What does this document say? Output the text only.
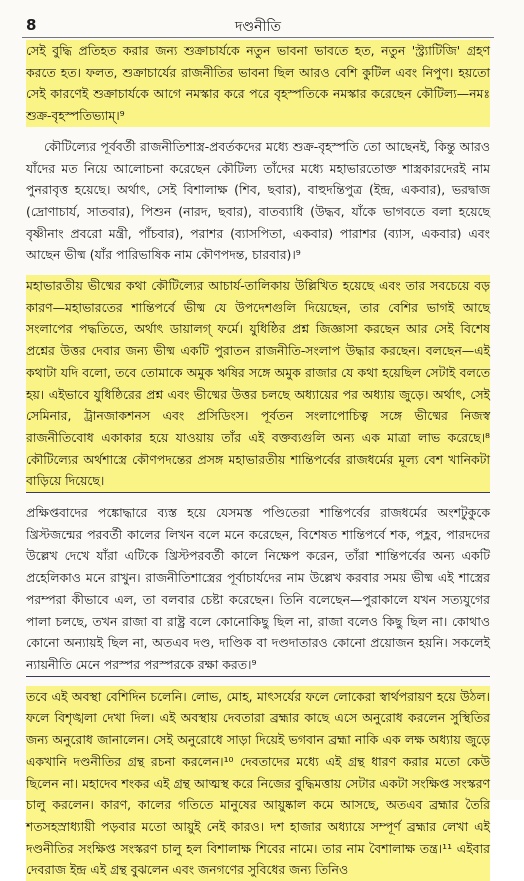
8	দণ্ডনীতি

সেই বুদ্ধি প্রতিহত করার জন্য শুক্রাচার্যকে নতুন ভাবনা ভাবতে হত, নতুন 'স্ট্র্যাটিজি' গ্রহণ করতে হত। ফলত, শুক্রাচার্যের রাজনীতির ভাবনা ছিল আরও বেশি কুটিল এবং নিপুণ। হয়তো সেই কারণেই শুক্রাচার্যকে আগে নমস্কার করে পরে বৃহস্পতিকে নমস্কার করেছেন কৌটিল্য—নমঃ শুক্র-বৃহস্পতিভ্যাম্।⁹

কৌটিল্যের পূর্ববর্তী রাজনীতিশাস্ত্র-প্রবর্তকদের মধ্যে শুক্র-বৃহস্পতি তো আছেনই, কিন্তু আরও যাঁদের মত নিয়ে আলোচনা করেছেন কৌটিল্য তাঁদের মধ্যে মহাভারতোক্ত শাস্ত্রকারদেরই নাম পুনরাবৃত্ত হয়েছে। অর্থাৎ, সেই বিশালাক্ষ (শিব, ছবার), বাহুদন্তিপুত্র (ইন্দ্র, একবার), ভরদ্বাজ (দ্রোণাচার্য, সাতবার), পিশুন (নারদ, ছবার), বাতব্যাধি (উদ্ধব, যাঁকে ভাগবতে বলা হয়েছে বৃষ্ণীনাং প্রবরো মন্ত্রী, পাঁচবার), পরাশর (ব্যাসপিতা, একবার) পারাশর (ব্যাস, একবার) এবং আছেন ভীষ্ম (যাঁর পারিভাষিক নাম কৌণপদন্ত, চারবার)।⁹

মহাভারতীয় ভীষ্মের কথা কৌটিল্যের আচার্য-তালিকায় উল্লিখিত হয়েছে এবং তার সবচেয়ে বড় কারণ—মহাভারতের শান্তিপর্বে ভীষ্ম যে উপদেশগুলি দিয়েছেন, তার বেশির ভাগই আছে সংলাপের পদ্ধতিতে, অর্থাৎ ডায়ালগ্ ফর্মে। যুধিষ্ঠির প্রশ্ন জিজ্ঞাসা করছেন আর সেই বিশেষ প্রশ্নের উত্তর দেবার জন্য ভীষ্ম একটি পুরাতন রাজনীতি-সংলাপ উদ্ধার করছেন। বলছেন—এই কথাটা যদি বলো, তবে তোমাকে অমুক ঋষির সঙ্গে অমুক রাজার যে কথা হয়েছিল সেটাই বলতে হয়। এইভাবে যুধিষ্ঠিরের প্রশ্ন এবং ভীষ্মের উত্তর চলছে অধ্যায়ের পর অধ্যায় জুড়ে। অর্থাৎ, সেই সেমিনার, ট্রানজাকশনস এবং প্রসিডিংস। পূর্বতন সংলাপোচিত্ব সঙ্গে ভীষ্মের নিজস্ব রাজনীতিবোধ একাকার হয়ে যাওয়ায় তাঁর এই বক্তব্যগুলি অন্য এক মাত্রা লাভ করেছে।⁸ কৌটিল্যের অর্থশাস্ত্রে কৌণপদন্তের প্রসঙ্গ মহাভারতীয় শান্তিপর্বের রাজধর্মের মূল্য বেশ খানিকটা বাড়িয়ে দিয়েছে।

প্রক্ষিপ্তবাদের পঙ্কোদ্ধারে ব্যস্ত হয়ে যেসমস্ত পণ্ডিতেরা শান্তিপর্বের রাজধর্মের অংশটুকুকে খ্রিস্টজন্মের পরবর্তী কালের লিখন বলে মনে করেছেন, বিশেষত শান্তিপর্বে শক, পহ্লব, পারদদের উল্লেখ দেখে যাঁরা এটিকে খ্রিস্টপরবর্তী কালে নিক্ষেপ করেন, তাঁরা শান্তিপর্বের অন্য একটি প্রহেলিকাও মনে রাখুন। রাজনীতিশাস্ত্রের পূর্বাচার্যদের নাম উল্লেখ করবার সময় ভীষ্ম এই শাস্ত্রের পরম্পরা কীভাবে এল, তা বলবার চেষ্টা করেছেন। তিনি বলেছেন—পুরাকালে যখন সত্যযুগের পালা চলছে, তখন রাজা বা রাষ্ট্র বলে কোনোকিছু ছিল না, রাজা বলেও কিছু ছিল না। কোথাও কোনো অন্যায়ই ছিল না, অতএব দণ্ড, দাণ্ডিক বা দণ্ডদাতারও কোনো প্রয়োজন হয়নি। সকলেই ন্যায়নীতি মেনে পরস্পর পরস্পরকে রক্ষা করত।⁹

তবে এই অবস্থা বেশিদিন চলেনি। লোভ, মোহ, মাৎসর্যের ফলে লোকেরা স্বার্থপরায়ণ হয়ে উঠল। ফলে বিশৃঙ্খলা দেখা দিল। এই অবস্থায় দেবতারা ব্রহ্মার কাছে এসে অনুরোধ করলেন সুস্থিতির জন্য অনুরোধ জানালেন। সেই অনুরোধে সাড়া দিয়েই ভগবান ব্রহ্মা নাকি এক লক্ষ অধ্যায় জুড়ে একখানি দণ্ডনীতির গ্রন্থ রচনা করলেন।¹⁰ দেবতাদের মধ্যে এই গ্রন্থ ধারণ করার মতো কেউ ছিলেন না। মহাদেব শংকর এই গ্রন্থ আত্মস্থ করে নিজের বুদ্ধিমত্তায় সেটার একটা সংক্ষিপ্ত সংস্করণ চালু করলেন। কারণ, কালের গতিতে মানুষের আয়ুষ্কাল কমে আসছে, অতএব ব্রহ্মার তৈরি শতসহস্রাধ্যায়ী পড়বার মতো আয়ুই নেই কারও। দশ হাজার অধ্যায়ে সম্পূর্ণ ব্রহ্মার লেখা এই দণ্ডনীতির সংক্ষিপ্ত সংস্করণ চালু হল বিশালাক্ষ শিবের নামে। তার নাম বৈশালাক্ষ তন্ত্র।¹¹ এইবার দেবরাজ ইন্দ্র এই গ্রন্থ বুঝলেন এবং জনগণের সুবিধের জন্য তিনিও
